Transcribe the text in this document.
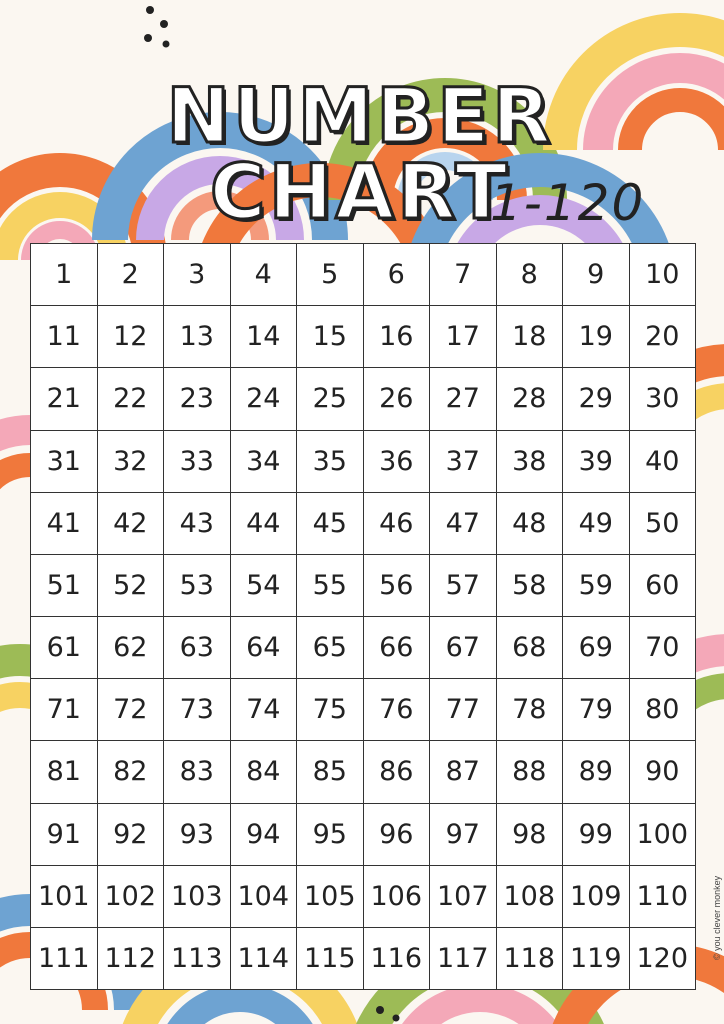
NUMBER CHART
1-120
1	2	3	4	5	6	7	8	9	10
11	12	13	14	15	16	17	18	19	20
21	22	23	24	25	26	27	28	29	30
31	32	33	34	35	36	37	38	39	40
41	42	43	44	45	46	47	48	49	50
51	52	53	54	55	56	57	58	59	60
61	62	63	64	65	66	67	68	69	70
71	72	73	74	75	76	77	78	79	80
81	82	83	84	85	86	87	88	89	90
91	92	93	94	95	96	97	98	99 100
101 102 103 104 105 106 107 108 109 110
111 112 113 114 115 116 117 118 119 120	© you clever monkey
